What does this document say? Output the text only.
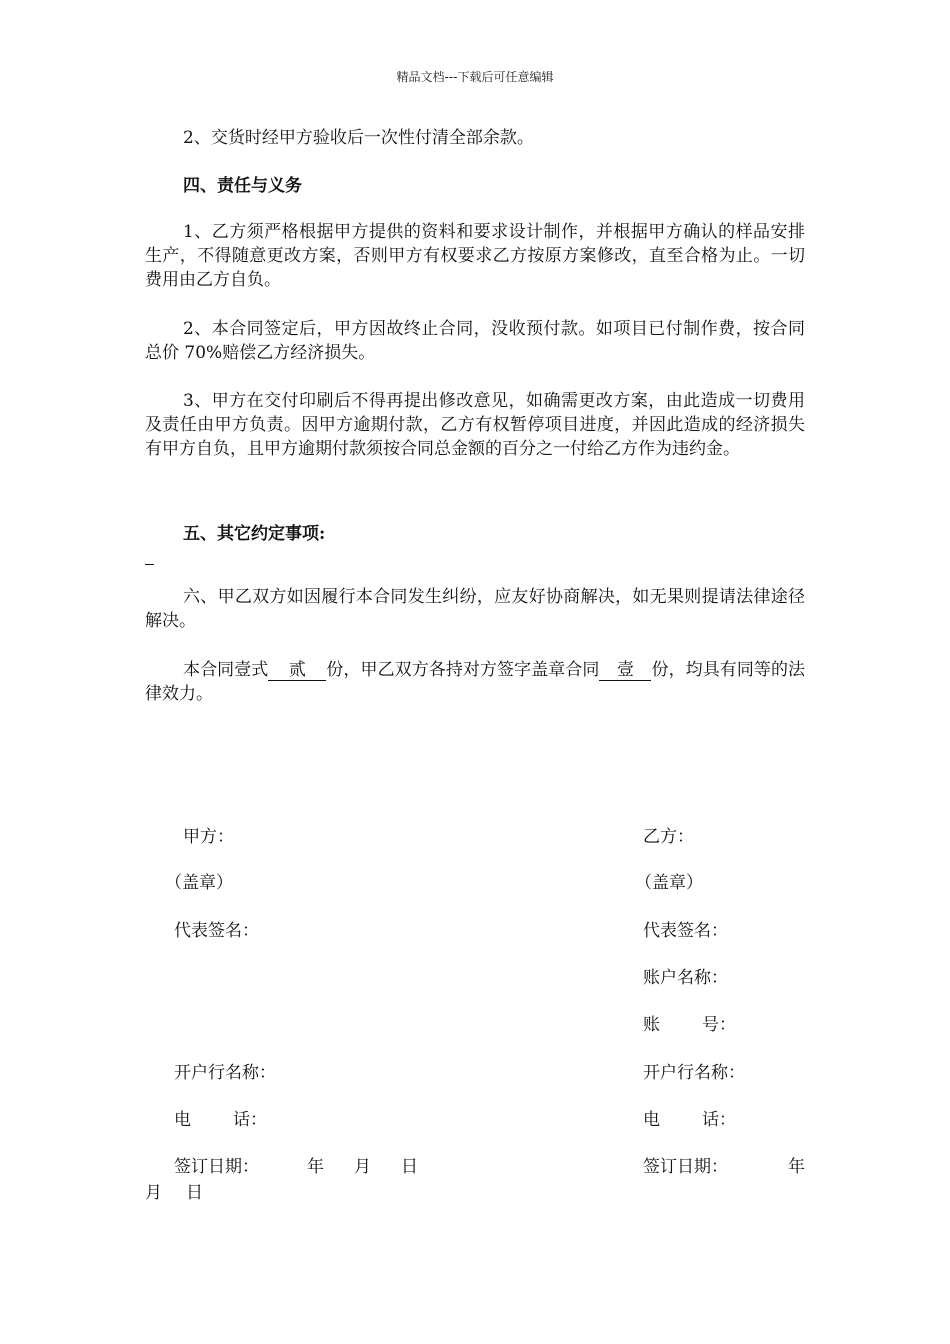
精品文档---下载后可任意编辑
2、交货时经甲方验收后一次性付清全部余款。
四、责任与义务
1、乙方须严格根据甲方提供的资料和要求设计制作，并根据甲方确认的样品安排生产，不得随意更改方案，否则甲方有权要求乙方按原方案修改，直至合格为止。一切费用由乙方自负。
2、本合同签定后，甲方因故终止合同，没收预付款。如项目已付制作费，按合同总价 70%赔偿乙方经济损失。
3、甲方在交付印刷后不得再提出修改意见，如确需更改方案，由此造成一切费用及责任由甲方负责。因甲方逾期付款，乙方有权暂停项目进度，并因此造成的经济损失有甲方自负，且甲方逾期付款须按合同总金额的百分之一付给乙方作为违约金。
五、其它约定事项:
六、甲乙双方如因履行本合同发生纠纷，应友好协商解决，如无果则提请法律途径解决。
本合同壹式 贰 份，甲乙双方各持对方签字盖章合同 壹 份，均具有同等的法律效力。
甲方：
（盖章）
代表签名：
开户行名称：
电 话：
签订日期：	年 月 日
乙方：
（盖章）
代表签名：
账户名称：
账 号：
开户行名称：
电 话：
签订日期：	年
月 日
